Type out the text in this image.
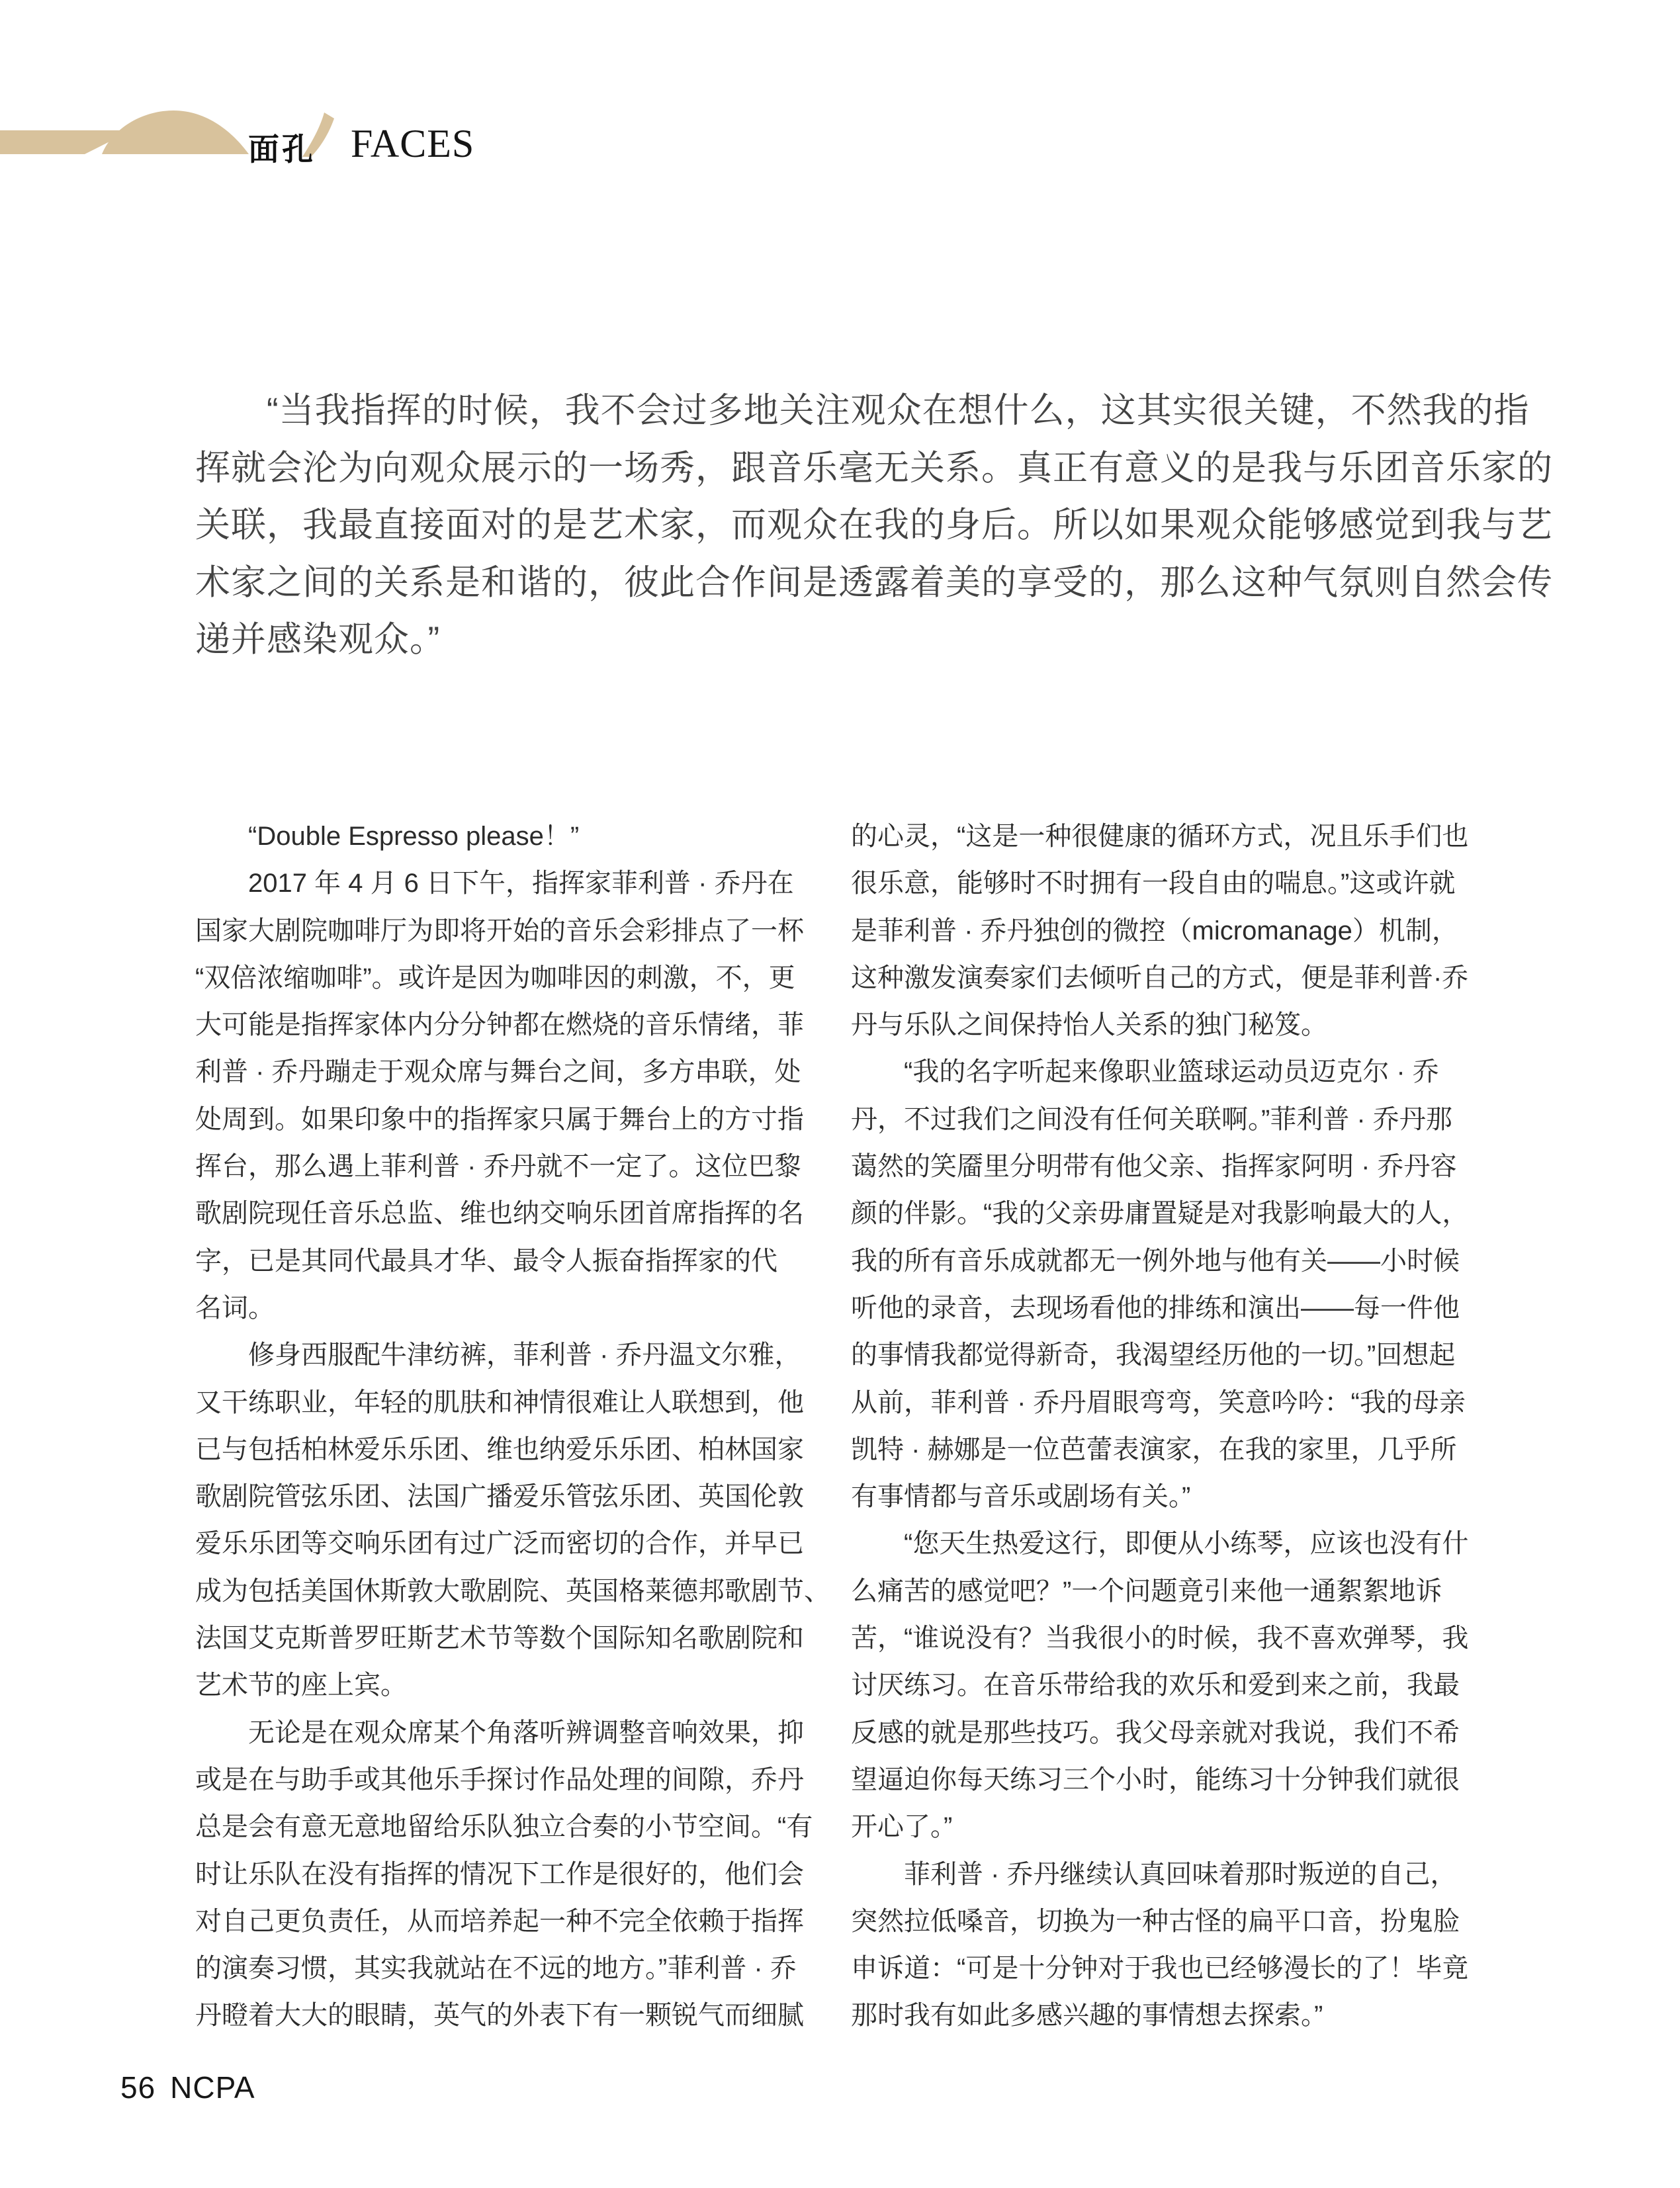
面孔 FACES
　　“当我指挥的时候，我不会过多地关注观众在想什么，这其实很关键，不然我的指
挥就会沦为向观众展示的一场秀，跟音乐毫无关系。真正有意义的是我与乐团音乐家的
关联，我最直接面对的是艺术家，而观众在我的身后。所以如果观众能够感觉到我与艺
术家之间的关系是和谐的，彼此合作间是透露着美的享受的，那么这种气氛则自然会传
递并感染观众。”
　　“Double Espresso please！”
　　2017 年 4 月 6 日下午，指挥家菲利普 · 乔丹在
国家大剧院咖啡厅为即将开始的音乐会彩排点了一杯
“双倍浓缩咖啡”。或许是因为咖啡因的刺激，不，更
大可能是指挥家体内分分钟都在燃烧的音乐情绪，菲
利普 · 乔丹蹦走于观众席与舞台之间，多方串联，处
处周到。如果印象中的指挥家只属于舞台上的方寸指
挥台，那么遇上菲利普 · 乔丹就不一定了。这位巴黎
歌剧院现任音乐总监、维也纳交响乐团首席指挥的名
字，已是其同代最具才华、最令人振奋指挥家的代
名词。
　　修身西服配牛津纺裤，菲利普 · 乔丹温文尔雅，
又干练职业，年轻的肌肤和神情很难让人联想到，他
已与包括柏林爱乐乐团、维也纳爱乐乐团、柏林国家
歌剧院管弦乐团、法国广播爱乐管弦乐团、英国伦敦
爱乐乐团等交响乐团有过广泛而密切的合作，并早已
成为包括美国休斯敦大歌剧院、英国格莱德邦歌剧节、
法国艾克斯普罗旺斯艺术节等数个国际知名歌剧院和
艺术节的座上宾。
　　无论是在观众席某个角落听辨调整音响效果，抑
或是在与助手或其他乐手探讨作品处理的间隙，乔丹
总是会有意无意地留给乐队独立合奏的小节空间。“有
时让乐队在没有指挥的情况下工作是很好的，他们会
对自己更负责任，从而培养起一种不完全依赖于指挥
的演奏习惯，其实我就站在不远的地方。”菲利普 · 乔
丹瞪着大大的眼睛，英气的外表下有一颗锐气而细腻
的心灵，“这是一种很健康的循环方式，况且乐手们也
很乐意，能够时不时拥有一段自由的喘息。”这或许就
是菲利普 · 乔丹独创的微控（micromanage）机制，
这种激发演奏家们去倾听自己的方式，便是菲利普·乔
丹与乐队之间保持怡人关系的独门秘笈。
　　“我的名字听起来像职业篮球运动员迈克尔 · 乔
丹，不过我们之间没有任何关联啊。”菲利普 · 乔丹那
蔼然的笑靥里分明带有他父亲、指挥家阿明 · 乔丹容
颜的伴影。“我的父亲毋庸置疑是对我影响最大的人，
我的所有音乐成就都无一例外地与他有关——小时候
听他的录音，去现场看他的排练和演出——每一件他
的事情我都觉得新奇，我渴望经历他的一切。”回想起
从前，菲利普 · 乔丹眉眼弯弯，笑意吟吟：“我的母亲
凯特 · 赫娜是一位芭蕾表演家，在我的家里，几乎所
有事情都与音乐或剧场有关。”
　　“您天生热爱这行，即便从小练琴，应该也没有什
么痛苦的感觉吧？”一个问题竟引来他一通絮絮地诉
苦，“谁说没有？当我很小的时候，我不喜欢弹琴，我
讨厌练习。在音乐带给我的欢乐和爱到来之前，我最
反感的就是那些技巧。我父母亲就对我说，我们不希
望逼迫你每天练习三个小时，能练习十分钟我们就很
开心了。”
　　菲利普 · 乔丹继续认真回味着那时叛逆的自己，
突然拉低嗓音，切换为一种古怪的扁平口音，扮鬼脸
申诉道：“可是十分钟对于我也已经够漫长的了！毕竟
那时我有如此多感兴趣的事情想去探索。”
56 NCPA
